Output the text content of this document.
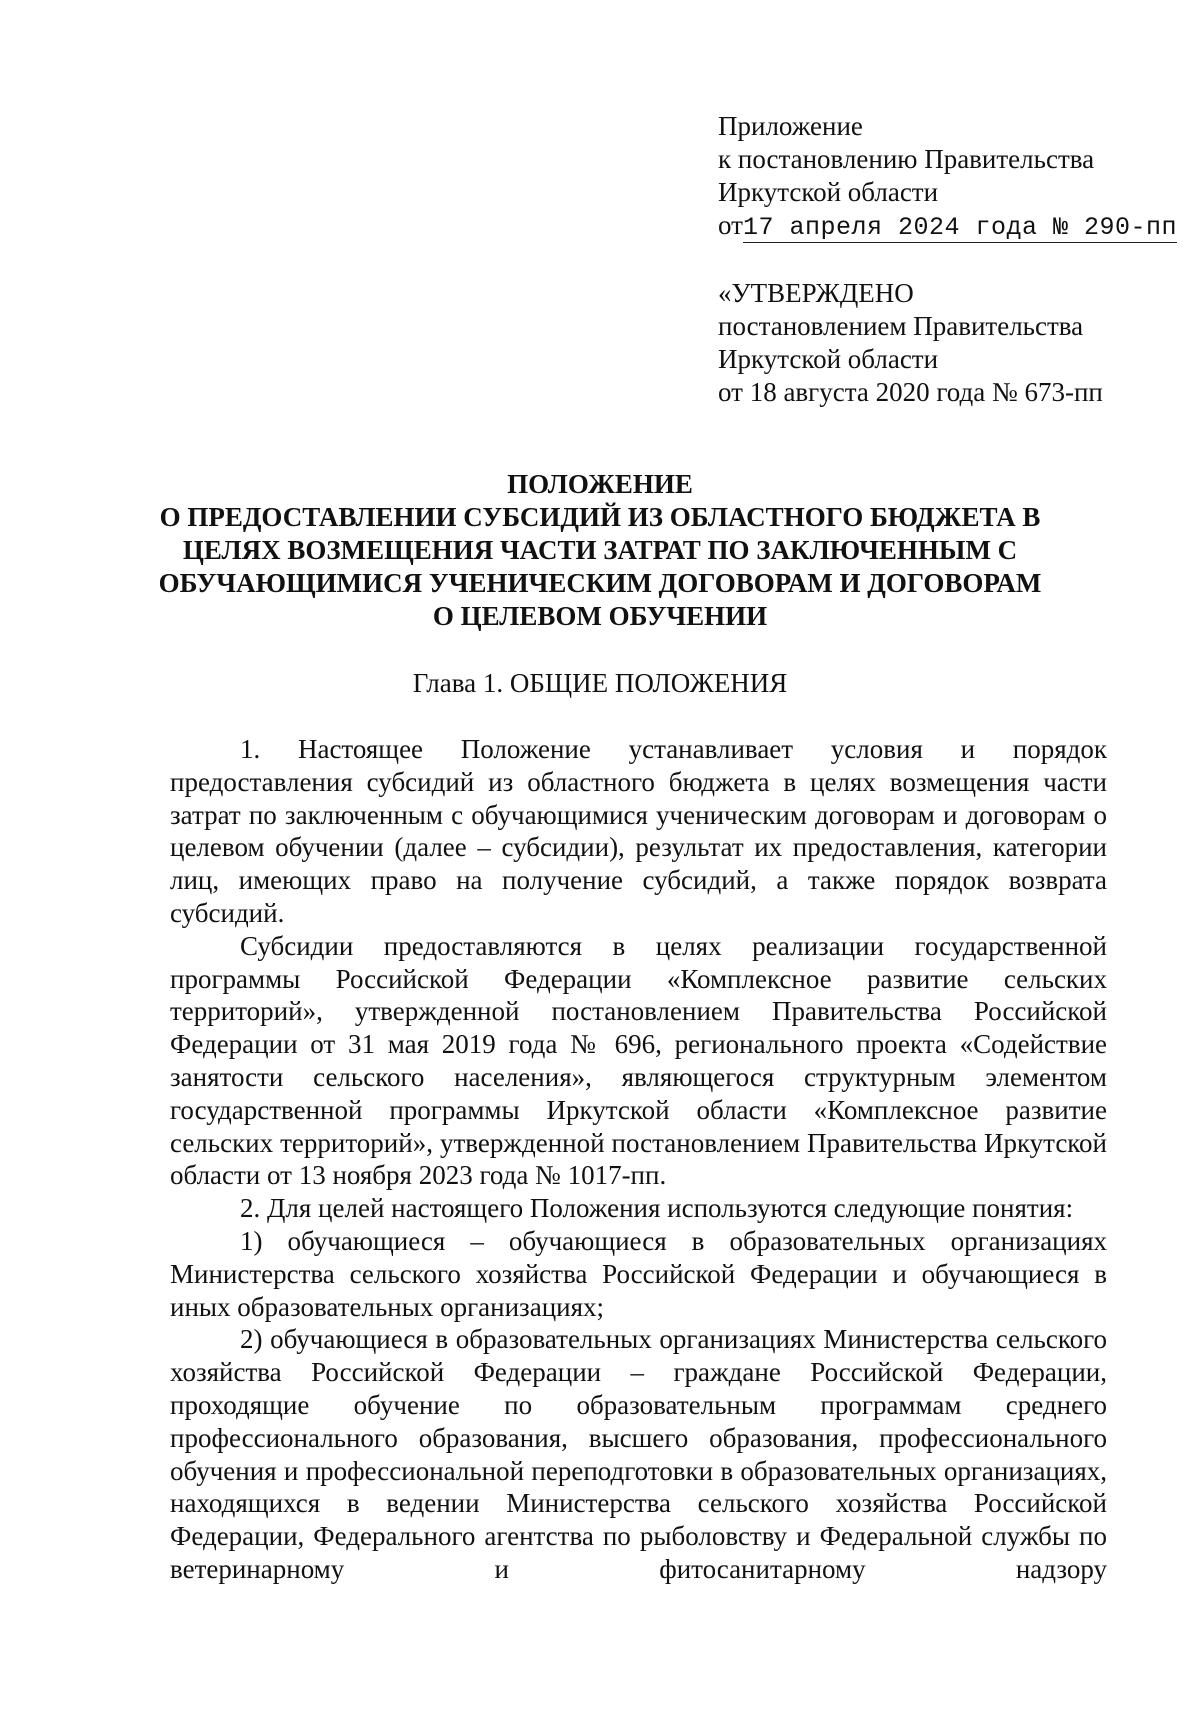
Приложение
к постановлению Правительства
Иркутской области
от17 апреля 2024 года № 290-пп
«УТВЕРЖДЕНО
постановлением Правительства
Иркутской области
от 18 августа 2020 года № 673-пп
ПОЛОЖЕНИЕ
О ПРЕДОСТАВЛЕНИИ СУБСИДИЙ ИЗ ОБЛАСТНОГО БЮДЖЕТА В
ЦЕЛЯХ ВОЗМЕЩЕНИЯ ЧАСТИ ЗАТРАТ ПО ЗАКЛЮЧЕННЫМ С
ОБУЧАЮЩИМИСЯ УЧЕНИЧЕСКИМ ДОГОВОРАМ И ДОГОВОРАМ
О ЦЕЛЕВОМ ОБУЧЕНИИ
Глава 1. ОБЩИЕ ПОЛОЖЕНИЯ

1. Настоящее Положение устанавливает условия и порядок предоставления субсидий из областного бюджета в целях возмещения части затрат по заключенным с обучающимися ученическим договорам и договорам о целевом обучении (далее – субсидии), результат их предоставления, категории лиц, имеющих право на получение субсидий, а также порядок возврата субсидий.

Субсидии предоставляются в целях реализации государственной программы Российской Федерации «Комплексное развитие сельских территорий», утвержденной постановлением Правительства Российской Федерации от 31 мая 2019 года № 696, регионального проекта «Содействие занятости сельского населения», являющегося структурным элементом государственной программы Иркутской области «Комплексное развитие сельских территорий», утвержденной постановлением Правительства Иркутской области от 13 ноября 2023 года № 1017-пп.

2. Для целей настоящего Положения используются следующие понятия:

1) обучающиеся – обучающиеся в образовательных организациях Министерства сельского хозяйства Российской Федерации и обучающиеся в иных образовательных организациях;

2) обучающиеся в образовательных организациях Министерства сельского хозяйства Российской Федерации – граждане Российской Федерации, проходящие обучение по образовательным программам среднего профессионального образования, высшего образования, профессионального обучения и профессиональной переподготовки в образовательных организациях, находящихся в ведении Министерства сельского хозяйства Российской Федерации, Федерального агентства по рыболовству и Федеральной службы по ветеринарному и фитосанитарному надзору
